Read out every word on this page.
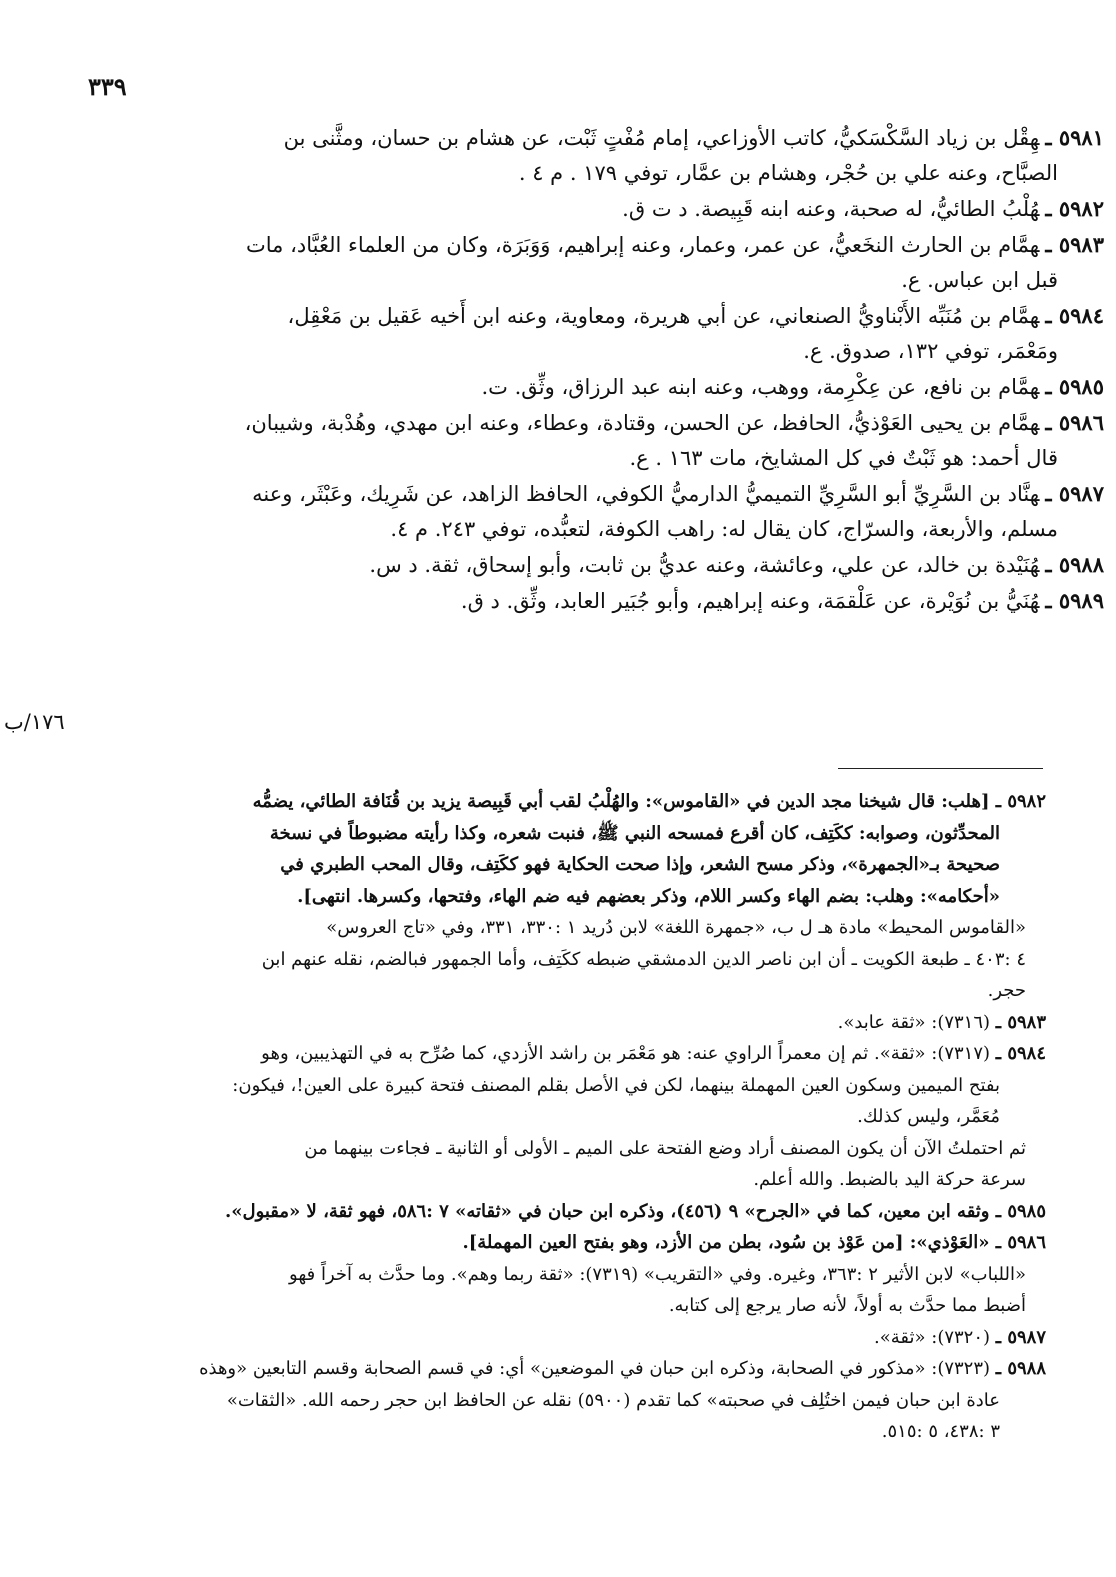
٣٣٩
١٧٦/ب

٥٩٨١ ـهِقْل بن زياد السَّكْسَكيُّ، كاتب الأوزاعي، إمام مُفْتٍ ثَبْت، عن هشام بن حسان، ومثَّنى بن
الصبَّاح، وعنه علي بن حُجْر، وهشام بن عمَّار، توفي ١٧٩ . م ٤ .

٥٩٨٢ ـهُلْبُ الطائيُّ، له صحبة، وعنه ابنه قَبِيصة. د ت ق.

٥٩٨٣ ـهمَّام بن الحارث النخَعيُّ، عن عمر، وعمار، وعنه إبراهيم، وَوَبَرَة، وكان من العلماء العُبَّاد، مات
قبل ابن عباس. ع.

٥٩٨٤ ـهمَّام بن مُنَبِّه الأَبْناويُّ الصنعاني، عن أبي هريرة، ومعاوية، وعنه ابن أَخيه عَقيل بن مَعْقِل،
ومَعْمَر، توفي ١٣٢، صدوق. ع.

٥٩٨٥ ـهمَّام بن نافع، عن عِكْرِمة، ووهب، وعنه ابنه عبد الرزاق، وثِّق. ت.

٥٩٨٦ ـهمَّام بن يحيى العَوْذيُّ، الحافظ، عن الحسن، وقتادة، وعطاء، وعنه ابن مهدي، وهُدْبة، وشيبان،
قال أحمد: هو ثَبْتٌ في كل المشايخ، مات ١٦٣ . ع.

٥٩٨٧ ـهنَّاد بن السَّرِيِّ أبو السَّرِيِّ التميميُّ الدارميُّ الكوفي، الحافظ الزاهد، عن شَرِيك، وعَبْثَر، وعنه
مسلم، والأربعة، والسرّاج، كان يقال له: راهب الكوفة، لتعبُّده، توفي ٢٤٣. م ٤.

٥٩٨٨ ـهُنَيْدة بن خالد، عن علي، وعائشة، وعنه عديُّ بن ثابت، وأبو إسحاق، ثقة. د س.

٥٩٨٩ ـهُنَيُّ بن نُوَيْرة، عن عَلْقمَة، وعنه إبراهيم، وأبو جُبَير العابد، وثِّق. د ق.

٥٩٨٢ ـ [هلب: قال شيخنا مجد الدين في «القاموس»: والهُلْبُ لقب أبي قَبِيصة يزيد بن قُنَافة الطائي، يضمُّه
المحدِّثون، وصوابه: ككَتِف، كان أقرع فمسحه النبي ﷺ، فنبت شعره، وكذا رأيته مضبوطاً في نسخة
صحيحة بـ«الجمهرة»، وذكر مسح الشعر، وإذا صحت الحكاية فهو ككَتِف، وقال المحب الطبري في
«أحكامه»: وهلب: بضم الهاء وكسر اللام، وذكر بعضهم فيه ضم الهاء، وفتحها، وكسرها. انتهى].

«القاموس المحيط» مادة هـ ل ب، «جمهرة اللغة» لابن دُريد ١ :٣٣٠، ٣٣١، وفي «تاج العروس»
٤ :٤٠٣ ـ طبعة الكويت ـ أن ابن ناصر الدين الدمشقي ضبطه ككَتِف، وأما الجمهور فبالضم، نقله عنهم ابن
حجر.

٥٩٨٣ ـ (٧٣١٦): «ثقة عابد».

٥٩٨٤ ـ (٧٣١٧): «ثقة». ثم إن معمراً الراوي عنه: هو مَعْمَر بن راشد الأزدي، كما صُرِّح به في التهذيبين، وهو
بفتح الميمين وسكون العين المهملة بينهما، لكن في الأصل بقلم المصنف فتحة كبيرة على العين!، فيكون:
مُعَمَّر، وليس كذلك.

ثم احتملتُ الآن أن يكون المصنف أراد وضع الفتحة على الميم ـ الأولى أو الثانية ـ فجاءت بينهما من
سرعة حركة اليد بالضبط. والله أعلم.

٥٩٨٥ ـ وثقه ابن معين، كما في «الجرح» ٩ (٤٥٦)، وذكره ابن حبان في «ثقاته» ٧ :٥٨٦، فهو ثقة، لا «مقبول».

٥٩٨٦ ـ «العَوْذي»: [من عَوْذ بن سُود، بطن من الأزد، وهو بفتح العين المهملة].

«اللباب» لابن الأثير ٢ :٣٦٣، وغيره. وفي «التقريب» (٧٣١٩): «ثقة ربما وهم». وما حدَّث به آخراً فهو
أضبط مما حدَّث به أولاً، لأنه صار يرجع إلى كتابه.

٥٩٨٧ ـ (٧٣٢٠): «ثقة».

٥٩٨٨ ـ (٧٣٢٣): «مذكور في الصحابة، وذكره ابن حبان في الموضعين» أي: في قسم الصحابة وقسم التابعين «وهذه
عادة ابن حبان فيمن اختُلِف في صحبته» كما تقدم (٥٩٠٠) نقله عن الحافظ ابن حجر رحمه الله. «الثقات»
٣ :٤٣٨، ٥ :٥١٥.
